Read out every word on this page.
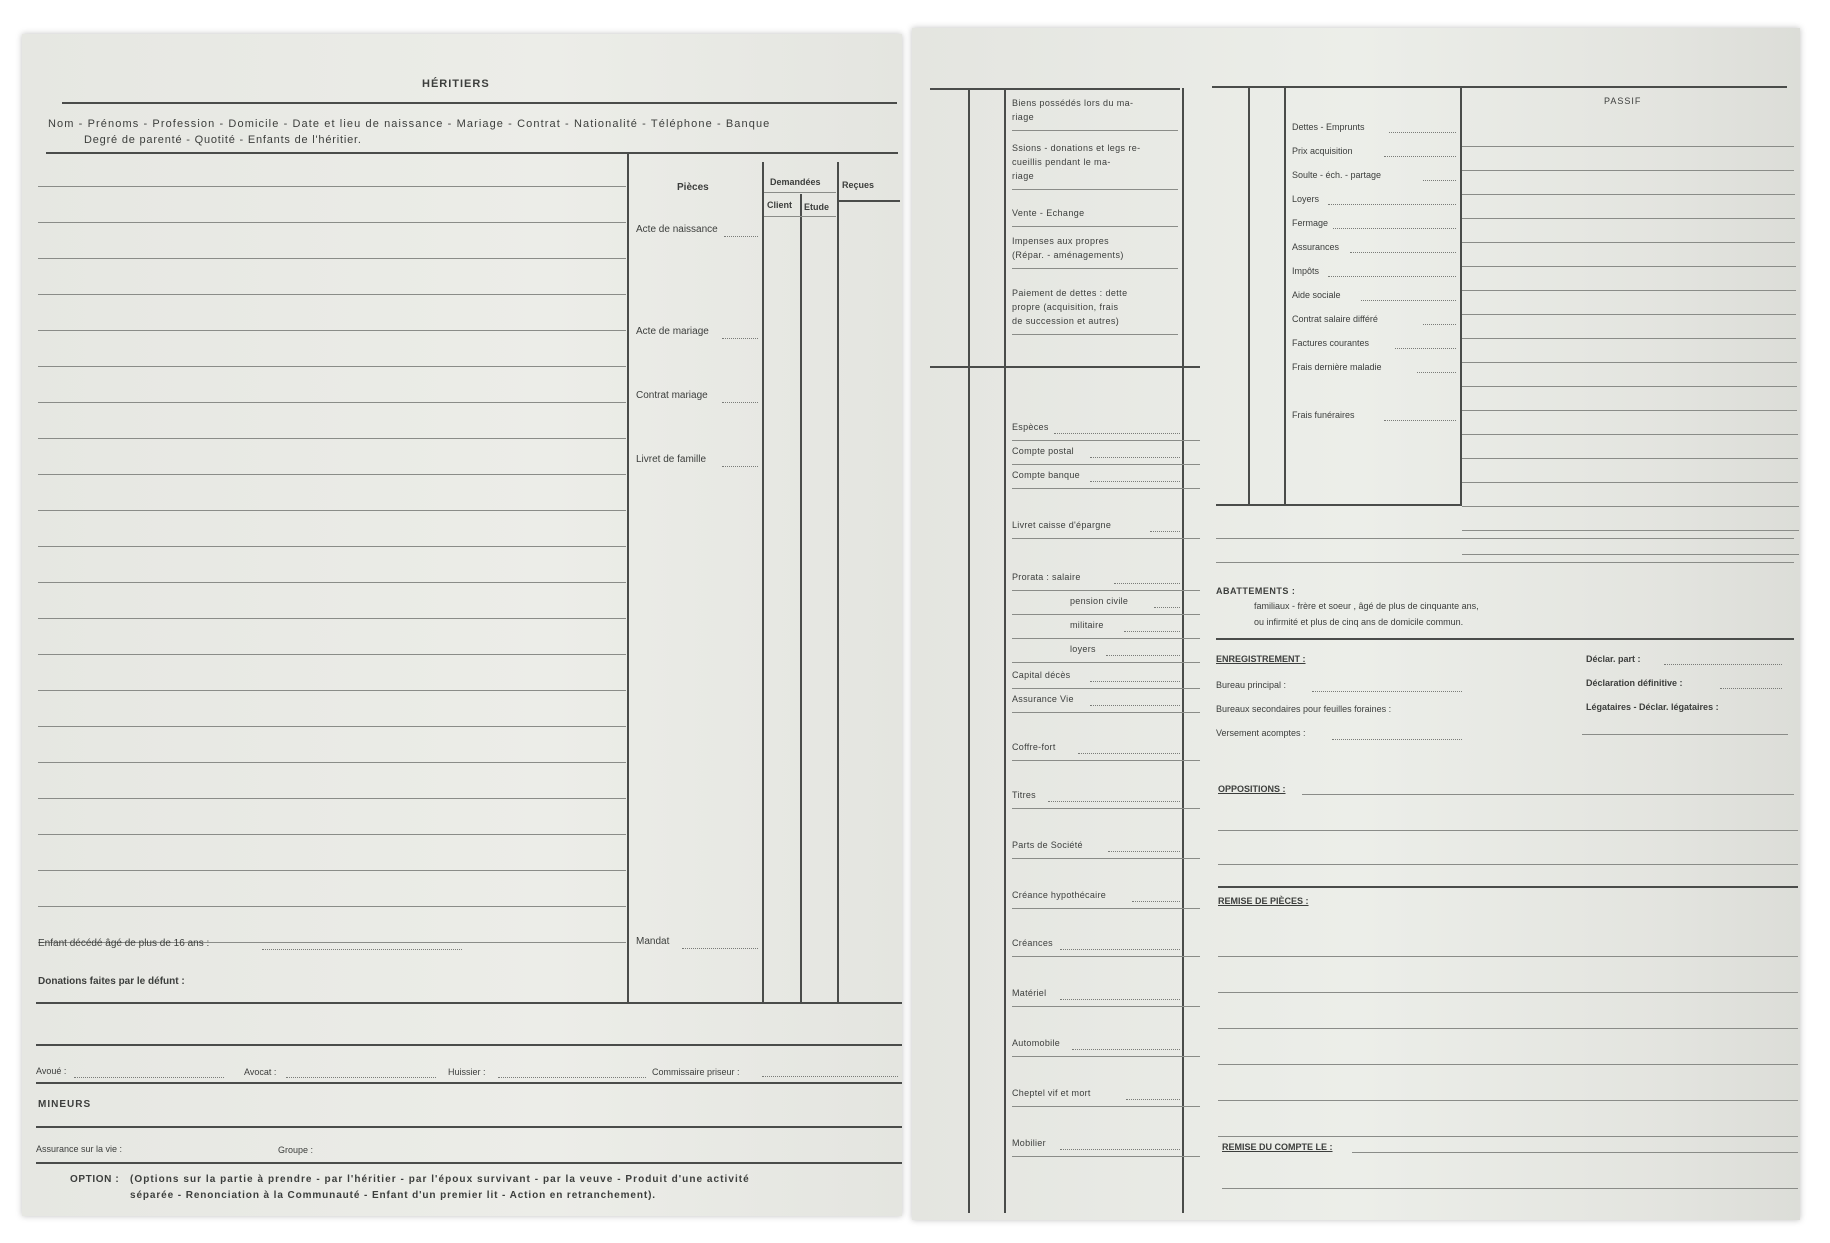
HÉRITIERS
Nom - Prénoms - Profession - Domicile - Date et lieu de naissance - Mariage - Contrat - Nationalité - Téléphone - Banque
Degré de parenté - Quotité - Enfants de l'héritier.
Pièces	Demandées Reçues
Client Etude
Acte de naissance
Acte de mariage
Contrat mariage
Livret de famille
Mandat
Enfant décédé âgé de plus de 16 ans :
Donations faites par le défunt :
Avoué :	Avocat :	Huissier :	Commissaire priseur :
MINEURS
Assurance sur la vie :	Groupe :
OPTION : (Options sur la partie à prendre - par l'héritier - par l'époux survivant - par la veuve - Produit d'une activité
séparée - Renonciation à la Communauté - Enfant d'un premier lit - Action en retranchement).
Biens possédés lors du ma-
riage
Ssions - donations et legs re-
cueillis pendant le ma-
riage
Vente - Echange
Impenses aux propres
(Répar. - aménagements)
Paiement de dettes : dette
propre (acquisition, frais
de succession et autres)
Espèces
Compte postal
Compte banque
Livret caisse d'épargne
Prorata : salaire
pension civile
militaire
loyers
Capital décès
Assurance Vie
Coffre-fort
Titres
Parts de Société
Créance hypothécaire
Créances
Matériel
Automobile
Cheptel vif et mort
Mobilier
PASSIF
Dettes - Emprunts
Prix acquisition
Soulte - éch. - partage
Loyers
Fermage
Assurances
Impôts
Aide sociale
Contrat salaire différé
Factures courantes
Frais dernière maladie
Frais funéraires
ABATTEMENTS :
familiaux - frère et soeur , âgé de plus de cinquante ans,
ou infirmité et plus de cinq ans de domicile commun.
ENREGISTREMENT :
Bureau principal :
Bureaux secondaires pour feuilles foraines :
Versement acomptes :
Déclar. part :
Déclaration définitive :
Légataires - Déclar. légataires :
OPPOSITIONS :
REMISE DE PIÈCES :
REMISE DU COMPTE LE :
